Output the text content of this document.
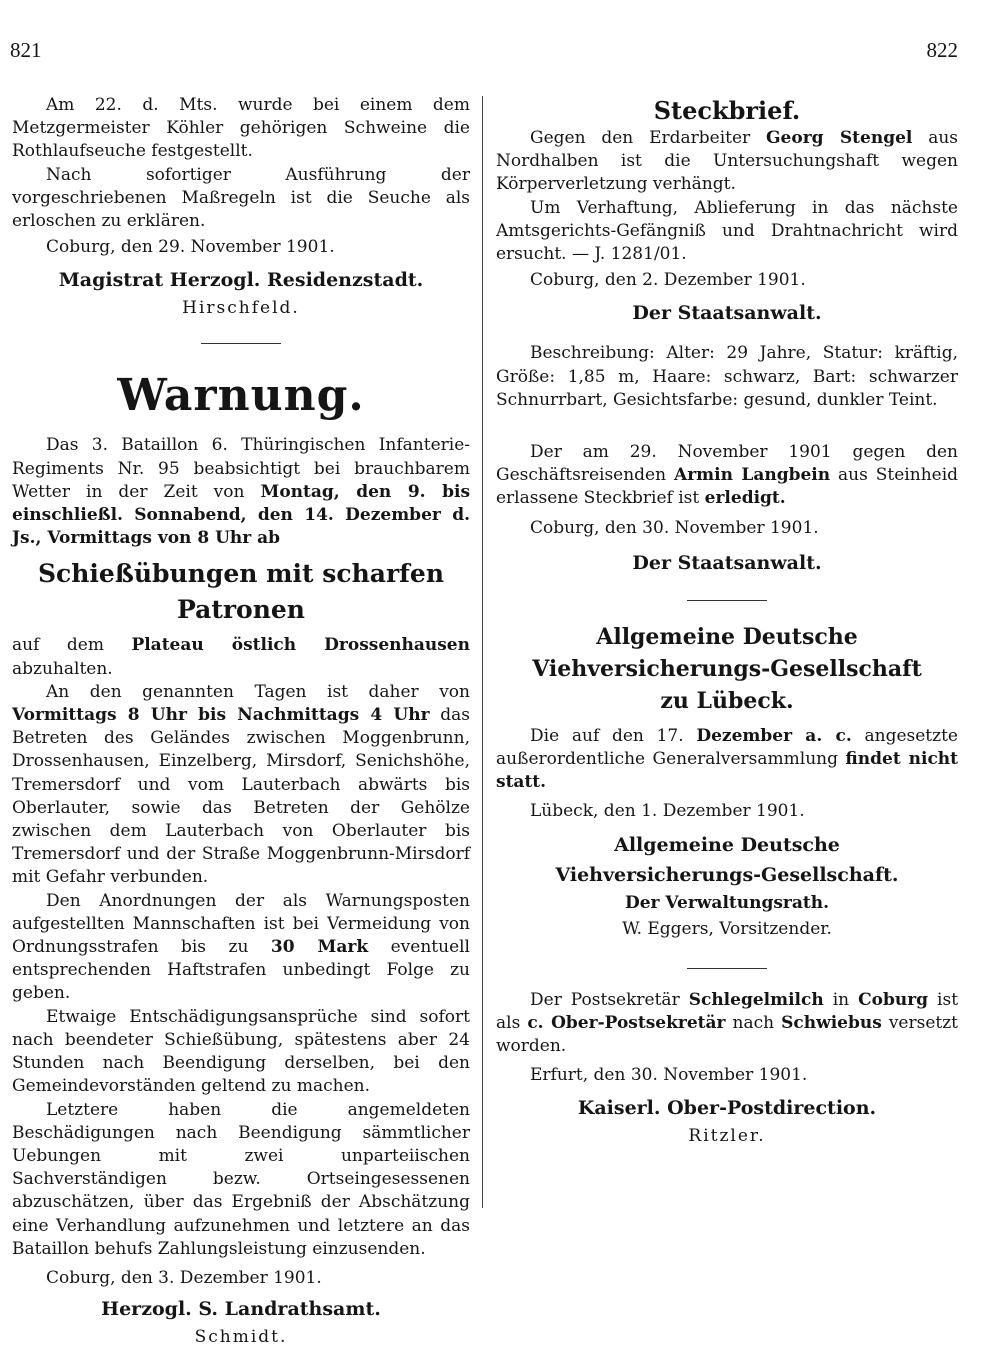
821	822

Am 22. d. Mts. wurde bei einem dem Metzgermeister Köhler gehörigen Schweine die Rothlaufseuche festgestellt.

Nach sofortiger Ausführung der vorgeschriebenen Maßregeln ist die Seuche als erloschen zu erklären.

Coburg, den 29. November 1901.

Magistrat Herzogl. Residenzstadt.

Hirschfeld.

Warnung.

Das 3. Bataillon 6. Thüringischen Infanterie-Regiments Nr. 95 beabsichtigt bei brauchbarem Wetter in der Zeit von Montag, den 9. bis einschließl. Sonnabend, den 14. Dezember d. Js., Vormittags von 8 Uhr ab

Schießübungen mit scharfen Patronen

auf dem Plateau östlich Drossenhausen abzuhalten.

An den genannten Tagen ist daher von Vormittags 8 Uhr bis Nachmittags 4 Uhr das Betreten des Geländes zwischen Moggenbrunn, Drossenhausen, Einzelberg, Mirsdorf, Senichshöhe, Tremersdorf und vom Lauterbach abwärts bis Oberlauter, sowie das Betreten der Gehölze zwischen dem Lauterbach von Oberlauter bis Tremersdorf und der Straße Moggenbrunn-Mirsdorf mit Gefahr verbunden.

Den Anordnungen der als Warnungsposten aufgestellten Mannschaften ist bei Vermeidung von Ordnungsstrafen bis zu 30 Mark eventuell entsprechenden Haftstrafen unbedingt Folge zu geben.

Etwaige Entschädigungsansprüche sind sofort nach beendeter Schießübung, spätestens aber 24 Stunden nach Beendigung derselben, bei den Gemeindevorständen geltend zu machen.

Letztere haben die angemeldeten Beschädigungen nach Beendigung sämmtlicher Uebungen mit zwei unparteiischen Sachverständigen bezw. Ortseingesessenen abzuschätzen, über das Ergebniß der Abschätzung eine Verhandlung aufzunehmen und letztere an das Bataillon behufs Zahlungsleistung einzusenden.

Coburg, den 3. Dezember 1901.

Herzogl. S. Landrathsamt.

Schmidt.

Steckbrief.

Gegen den Erdarbeiter Georg Stengel aus Nordhalben ist die Untersuchungshaft wegen Körperverletzung verhängt.

Um Verhaftung, Ablieferung in das nächste Amtsgerichts-Gefängniß und Drahtnachricht wird ersucht. — J. 1281/01.

Coburg, den 2. Dezember 1901.

Der Staatsanwalt.

Beschreibung: Alter: 29 Jahre, Statur: kräftig, Größe: 1,85 m, Haare: schwarz, Bart: schwarzer Schnurrbart, Gesichtsfarbe: gesund, dunkler Teint.

Der am 29. November 1901 gegen den Geschäftsreisenden Armin Langbein aus Steinheid erlassene Steckbrief ist erledigt.

Coburg, den 30. November 1901.

Der Staatsanwalt.

Allgemeine Deutsche

Viehversicherungs-Gesellschaft

zu Lübeck.

Die auf den 17. Dezember a. c. angesetzte außerordentliche Generalversammlung findet nicht statt.

Lübeck, den 1. Dezember 1901.

Allgemeine Deutsche

Viehversicherungs-Gesellschaft.

Der Verwaltungsrath.

W. Eggers, Vorsitzender.

Der Postsekretär Schlegelmilch in Coburg ist als c. Ober-Postsekretär nach Schwiebus versetzt worden.

Erfurt, den 30. November 1901.

Kaiserl. Ober-Postdirection.

Ritzler.
